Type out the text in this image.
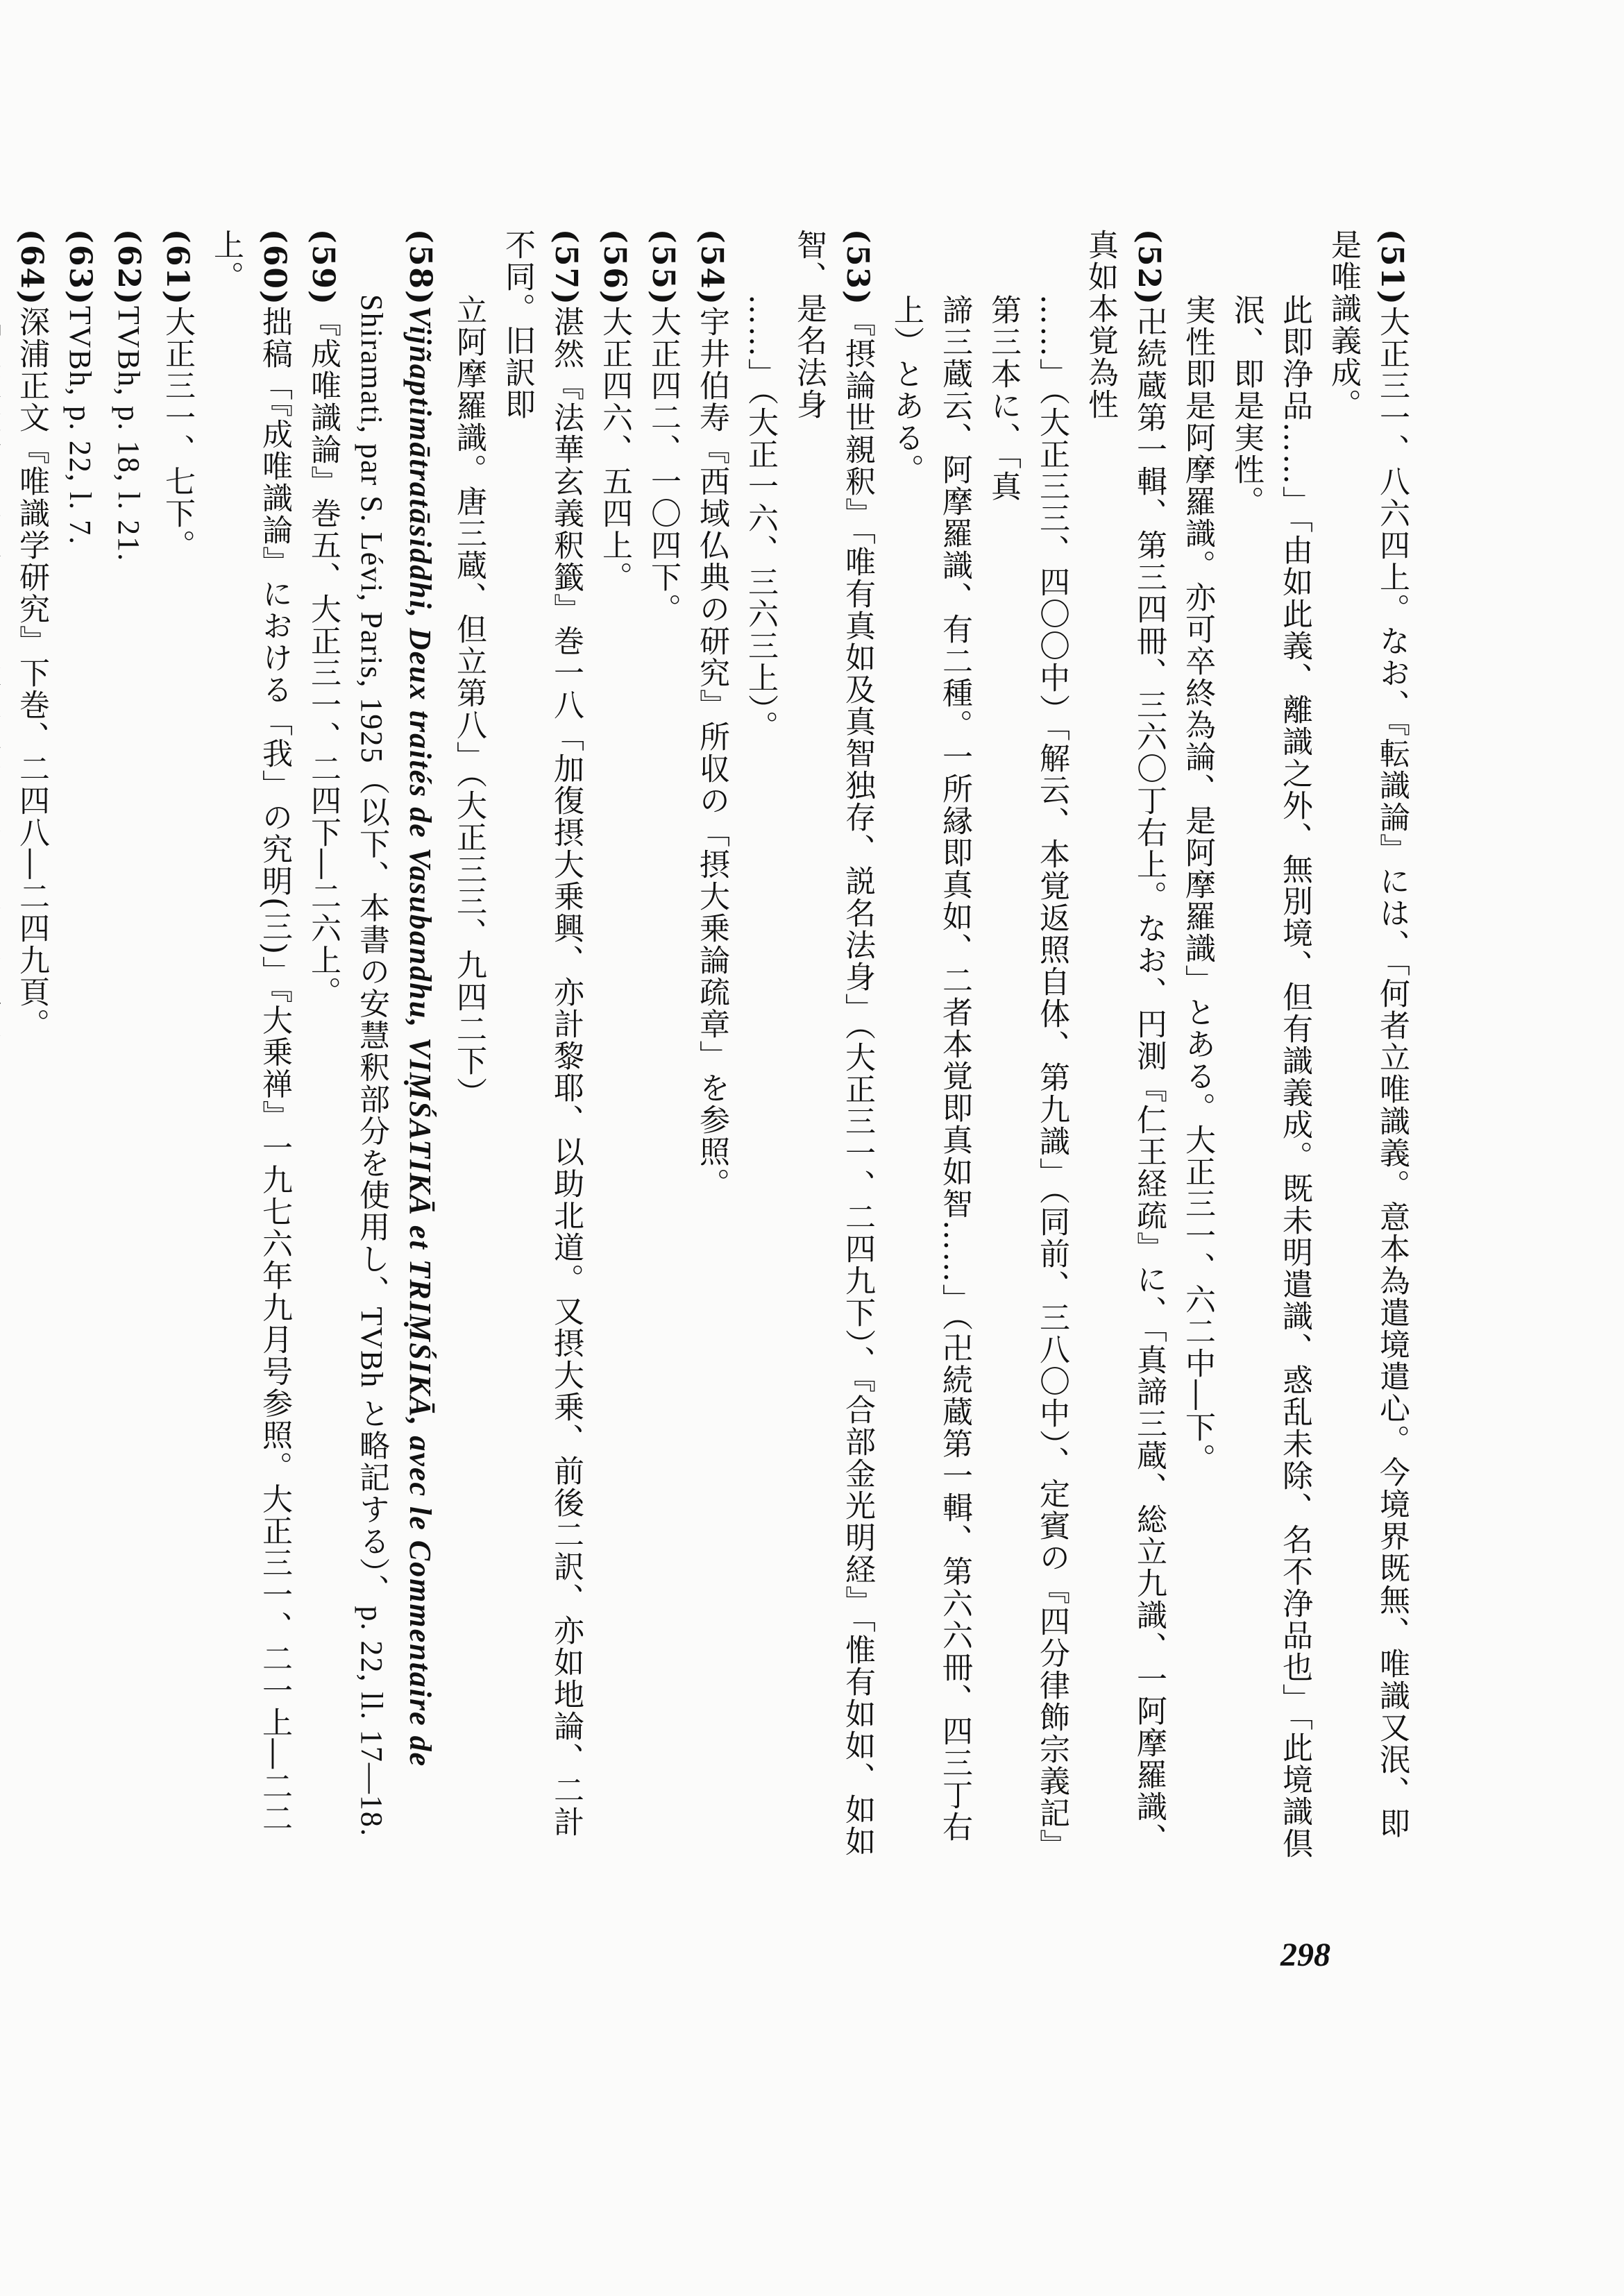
(51)大正三一、八六四上。なお、『転識論』には、「何者立唯識義。意本為遣境遣心。今境界既無、唯識又泯、即是唯識義成。
此即浄品……」「由如此義、離識之外、無別境、但有識義成。既未明遣識、惑乱未除、名不浄品也」「此境識倶泯、即是実性。
実性即是阿摩羅識。亦可卒終為論、是阿摩羅識」とある。大正三一、六二中―下。
(52)卍続蔵第一輯、第三四冊、三六〇丁右上。なお、円測『仁王経疏』に、「真諦三蔵、総立九識、一阿摩羅識、真如本覚為性
……」（大正三三、四〇〇中）「解云、本覚返照自体、第九識」（同前、三八〇中）、定賓の『四分律飾宗義記』第三本に、「真
諦三蔵云、阿摩羅識、有二種。一所縁即真如、二者本覚即真如智……」（卍続蔵第一輯、第六六冊、四三丁右上）とある。
(53)『摂論世親釈』「唯有真如及真智独存、説名法身」（大正三一、二四九下）、『合部金光明経』「惟有如如、如如智、是名法身
……」（大正一六、三六三上）。
(54)宇井伯寿『西域仏典の研究』所収の「摂大乗論疏章」を参照。
(55)大正四二、一〇四下。
(56)大正四六、五四上。
(57)湛然『法華玄義釈籤』巻一八「加復摂大乗興、亦計黎耶、以助北道。又摂大乗、前後二訳、亦如地論、二計不同。旧訳即
立阿摩羅識。唐三蔵、但立第八」（大正三三、九四二下）
(58)Vijñaptimātratāsiddhi, Deux traités de Vasubandhu, VIṂŚATIKĀ et TRIṂŚIKĀ, avec le Commentaire de
Shiramati, par S. Lévi, Paris, 1925（以下、本書の安慧釈部分を使用し、TVBh と略記する）、p. 22, ll. 17—18.
(59)『成唯識論』巻五、大正三一、二四下―二六上。
(60)拙稿「『成唯識論』における「我」の究明(三)」『大乗禅』一九七六年九月号参照。大正三一、二一上―二二上。
(61)大正三一、七下。
(62)TVBh, p. 18, l. 21.
(63)TVBh, p. 22, l. 7.
(64)深浦正文『唯識学研究』下巻、二四八―二四九頁。
298
